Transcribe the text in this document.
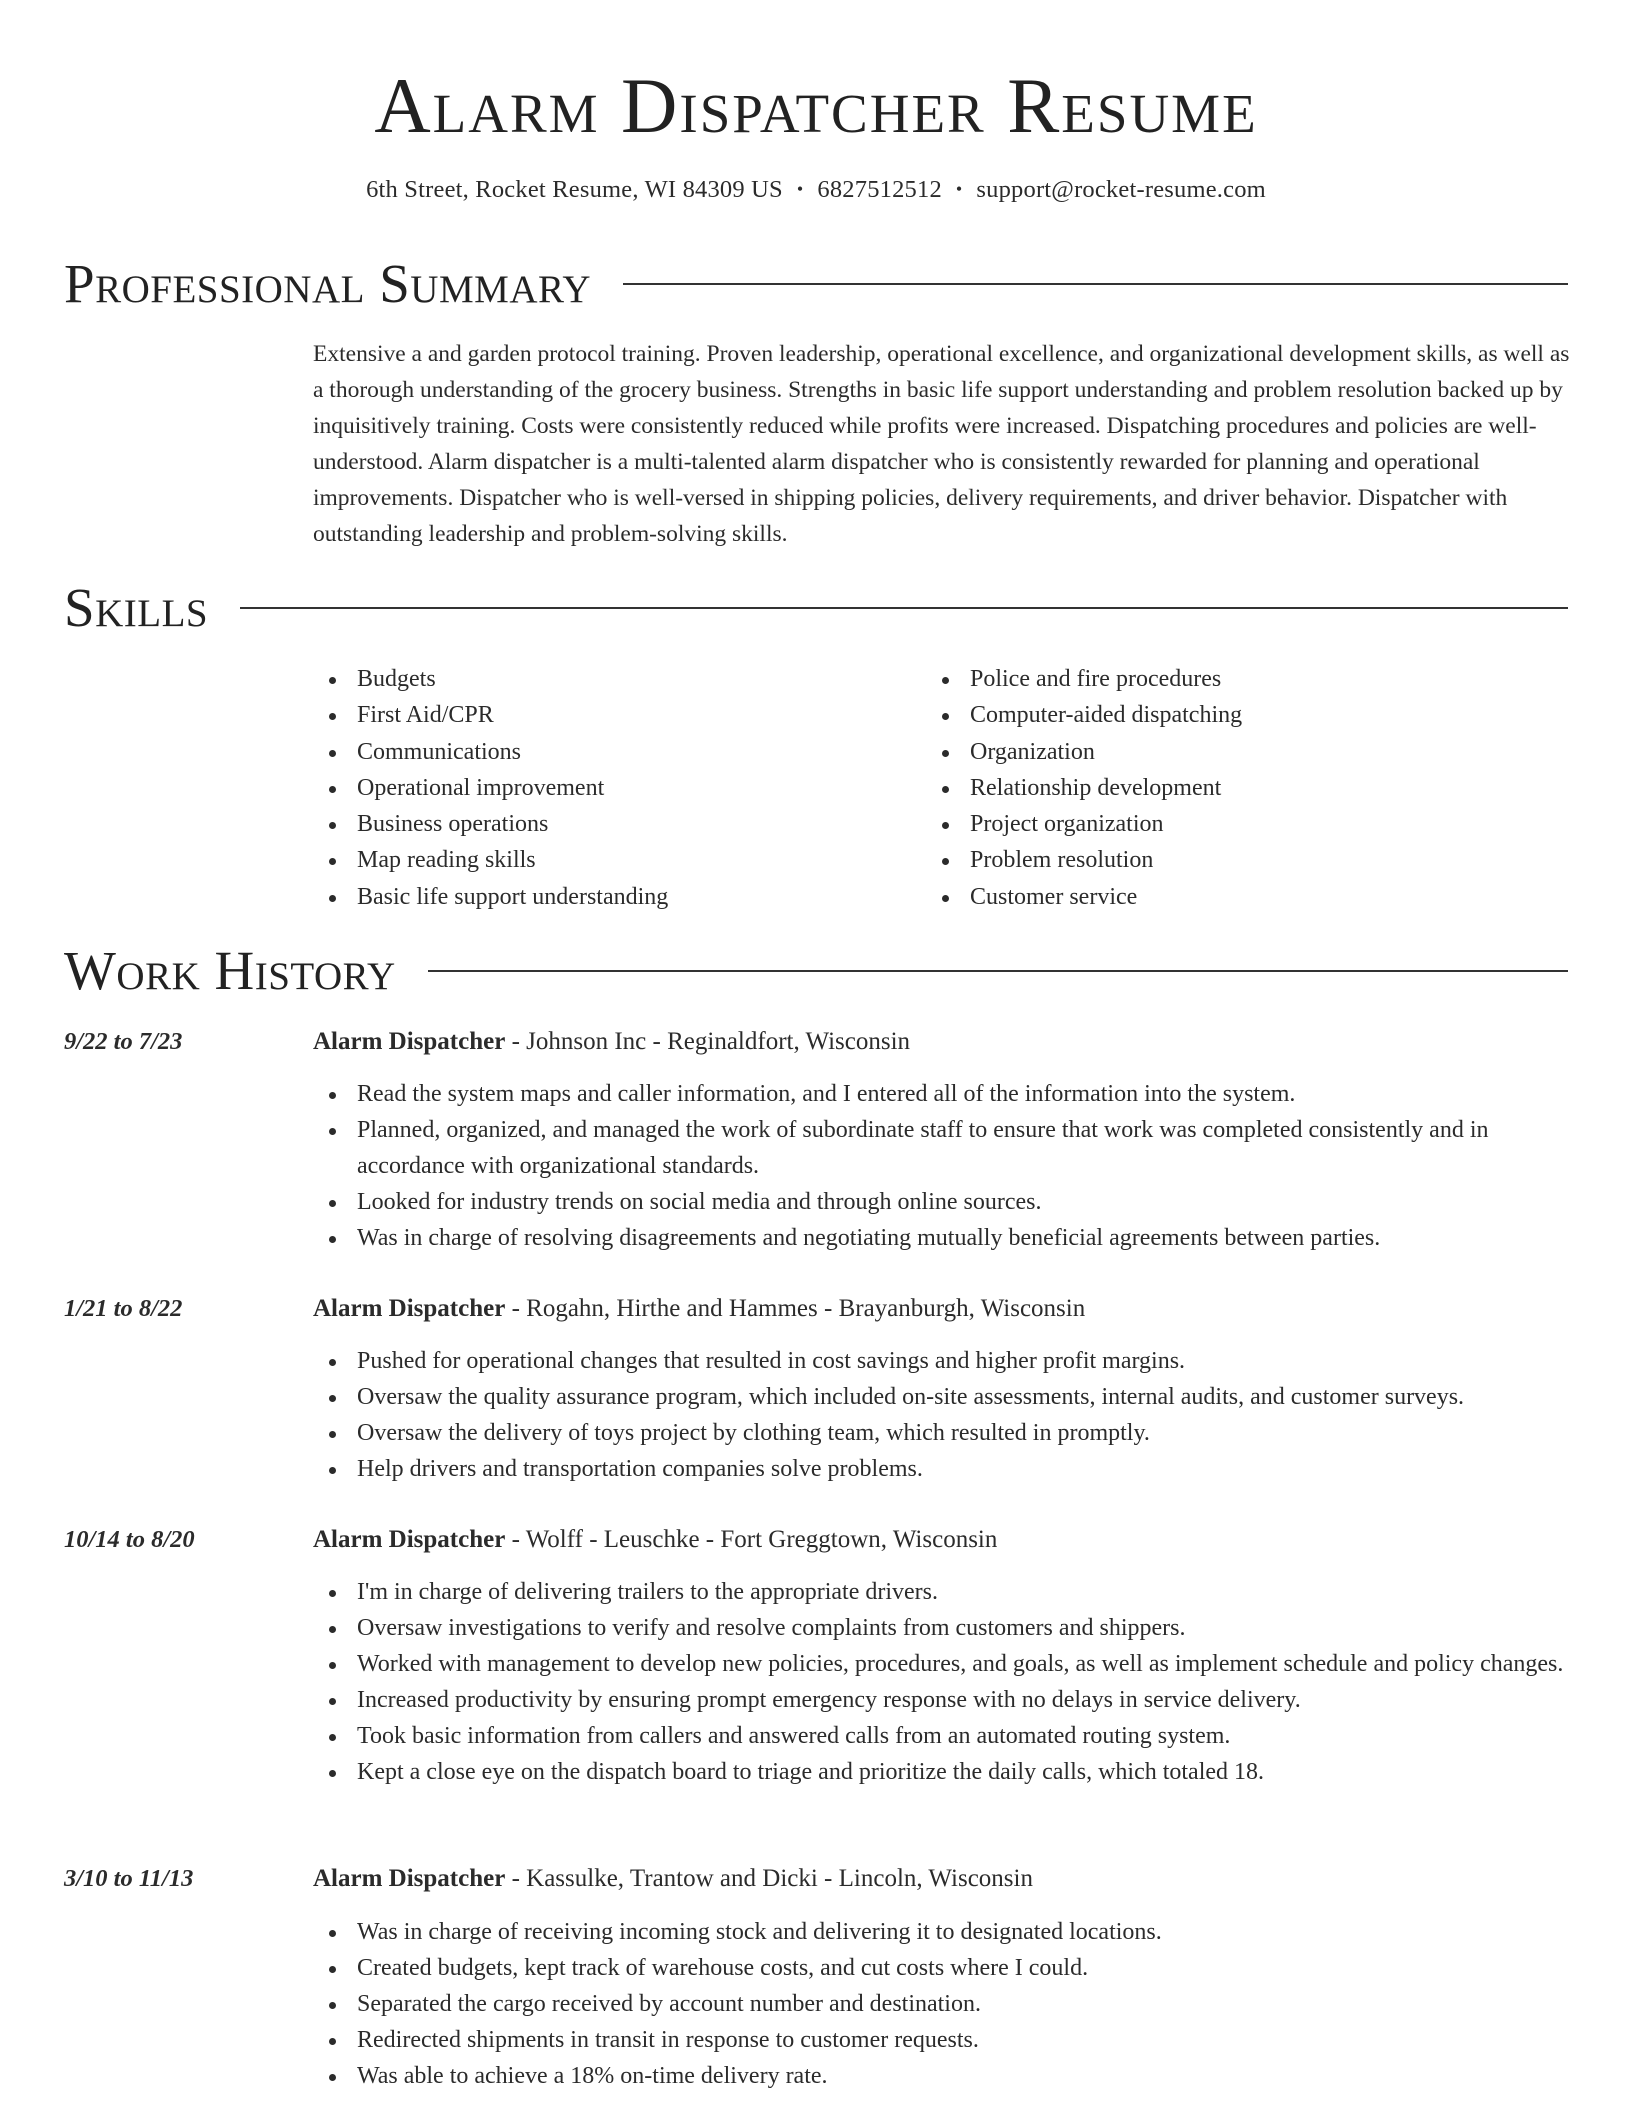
Alarm Dispatcher Resume
6th Street, Rocket Resume, WI 84309 US • 6827512512 • support@rocket-resume.com
Professional Summary

Extensive a and garden protocol training. Proven leadership, operational excellence, and organizational development skills, as well as a thorough understanding of the grocery business. Strengths in basic life support understanding and problem resolution backed up by inquisitively training. Costs were consistently reduced while profits were increased. Dispatching procedures and policies are well-understood. Alarm dispatcher is a multi-talented alarm dispatcher who is consistently rewarded for planning and operational improvements. Dispatcher who is well-versed in shipping policies, delivery requirements, and driver behavior. Dispatcher with outstanding leadership and problem-solving skills.

Skills
Budgets
First Aid/CPR
Communications
Operational improvement
Business operations
Map reading skills
Basic life support understanding
Police and fire procedures
Computer-aided dispatching
Organization
Relationship development
Project organization
Problem resolution
Customer service
Work History
9/22 to 7/23	Alarm Dispatcher - Johnson Inc - Reginaldfort, Wisconsin
Read the system maps and caller information, and I entered all of the information into the system.
Planned, organized, and managed the work of subordinate staff to ensure that work was completed consistently and in accordance with organizational standards.
Looked for industry trends on social media and through online sources.
Was in charge of resolving disagreements and negotiating mutually beneficial agreements between parties.
1/21 to 8/22	Alarm Dispatcher - Rogahn, Hirthe and Hammes - Brayanburgh, Wisconsin
Pushed for operational changes that resulted in cost savings and higher profit margins.
Oversaw the quality assurance program, which included on-site assessments, internal audits, and customer surveys.
Oversaw the delivery of toys project by clothing team, which resulted in promptly.
Help drivers and transportation companies solve problems.
10/14 to 8/20	Alarm Dispatcher - Wolff - Leuschke - Fort Greggtown, Wisconsin
I'm in charge of delivering trailers to the appropriate drivers.
Oversaw investigations to verify and resolve complaints from customers and shippers.
Worked with management to develop new policies, procedures, and goals, as well as implement schedule and policy changes.
Increased productivity by ensuring prompt emergency response with no delays in service delivery.
Took basic information from callers and answered calls from an automated routing system.
Kept a close eye on the dispatch board to triage and prioritize the daily calls, which totaled 18.
3/10 to 11/13	Alarm Dispatcher - Kassulke, Trantow and Dicki - Lincoln, Wisconsin
Was in charge of receiving incoming stock and delivering it to designated locations.
Created budgets, kept track of warehouse costs, and cut costs where I could.
Separated the cargo received by account number and destination.
Redirected shipments in transit in response to customer requests.
Was able to achieve a 18% on-time delivery rate.
